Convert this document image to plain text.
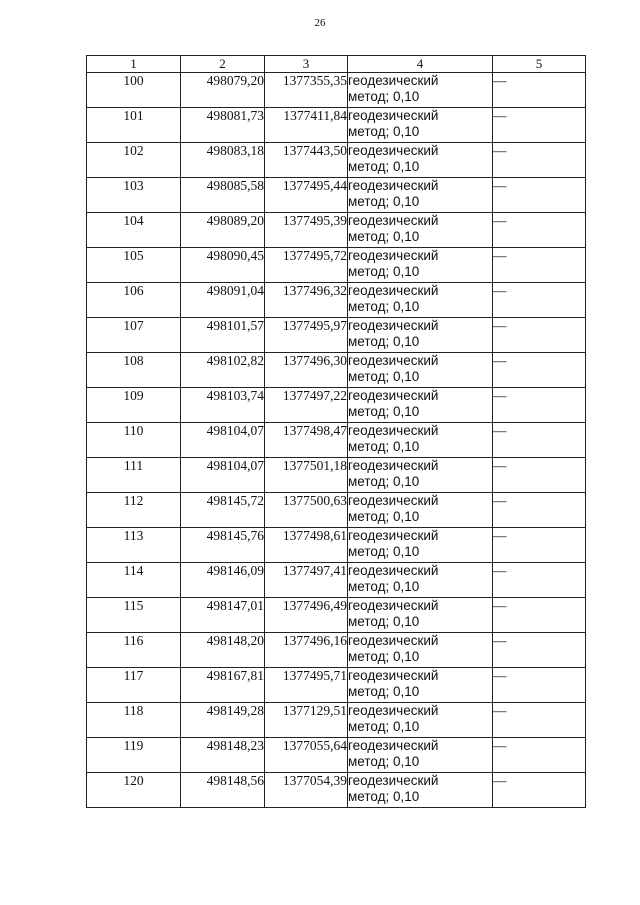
26
1	2	3	4	5
100	498079,20	1377355,35	геодезический
метод; 0,10	—
101	498081,73	1377411,84	геодезический
метод; 0,10	—
102	498083,18	1377443,50	геодезический
метод; 0,10	—
103	498085,58	1377495,44	геодезический
метод; 0,10	—
104	498089,20	1377495,39	геодезический
метод; 0,10	—
105	498090,45	1377495,72	геодезический
метод; 0,10	—
106	498091,04	1377496,32	геодезический
метод; 0,10	—
107	498101,57	1377495,97	геодезический
метод; 0,10	—
108	498102,82	1377496,30	геодезический
метод; 0,10	—
109	498103,74	1377497,22	геодезический
метод; 0,10	—
110	498104,07	1377498,47	геодезический
метод; 0,10	—
111	498104,07	1377501,18	геодезический
метод; 0,10	—
112	498145,72	1377500,63	геодезический
метод; 0,10	—
113	498145,76	1377498,61	геодезический
метод; 0,10	—
114	498146,09	1377497,41	геодезический
метод; 0,10	—
115	498147,01	1377496,49	геодезический
метод; 0,10	—
116	498148,20	1377496,16	геодезический
метод; 0,10	—
117	498167,81	1377495,71	геодезический
метод; 0,10	—
118	498149,28	1377129,51	геодезический
метод; 0,10	—
119	498148,23	1377055,64	геодезический
метод; 0,10	—
120	498148,56	1377054,39	геодезический
метод; 0,10	—
